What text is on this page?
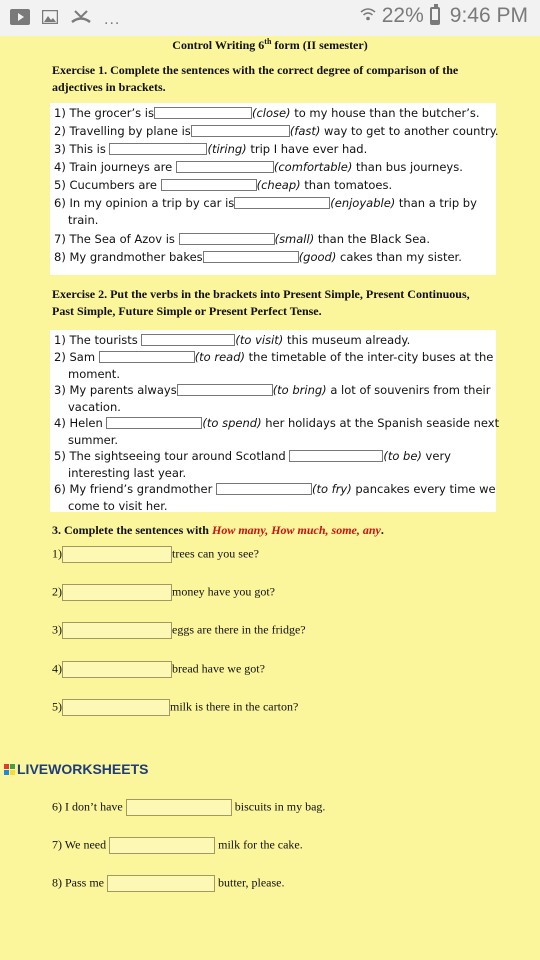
...	22% 9:46 PM
Control Writing 6th form (II semester)
Exercise 1. Complete the sentences with the correct degree of comparison of the
adjectives in brackets.
1) The grocer’s is	(close) to my house than the butcher’s.
2) Travelling by plane is	(fast) way to get to another country.
3) This is	(tiring) trip I have ever had.
4) Train journeys are	(comfortable) than bus journeys.
5) Cucumbers are	(cheap) than tomatoes.
6) In my opinion a trip by car is	(enjoyable) than a trip by
train.
7) The Sea of Azov is	(small) than the Black Sea.
8) My grandmother bakes	(good) cakes than my sister.
Exercise 2. Put the verbs in the brackets into Present Simple, Present Continuous,
Past Simple, Future Simple or Present Perfect Tense.
1) The tourists	(to visit) this museum already.
2) Sam	(to read) the timetable of the inter-city buses at the
moment.
3) My parents always	(to bring) a lot of souvenirs from their
vacation.
4) Helen	(to spend) her holidays at the Spanish seaside next
summer.
5) The sightseeing tour around Scotland	(to be) very
interesting last year.
6) My friend’s grandmother	(to fry) pancakes every time we
come to visit her.
3. Complete the sentences with How many, How much, some, any.
1)	trees can you see?
2)	money have you got?
3)	eggs are there in the fridge?
4)	bread have we got?
5)	milk is there in the carton?
LIVEWORKSHEETS
6) I don’t have	biscuits in my bag.
7) We need	milk for the cake.
8) Pass me	butter, please.
